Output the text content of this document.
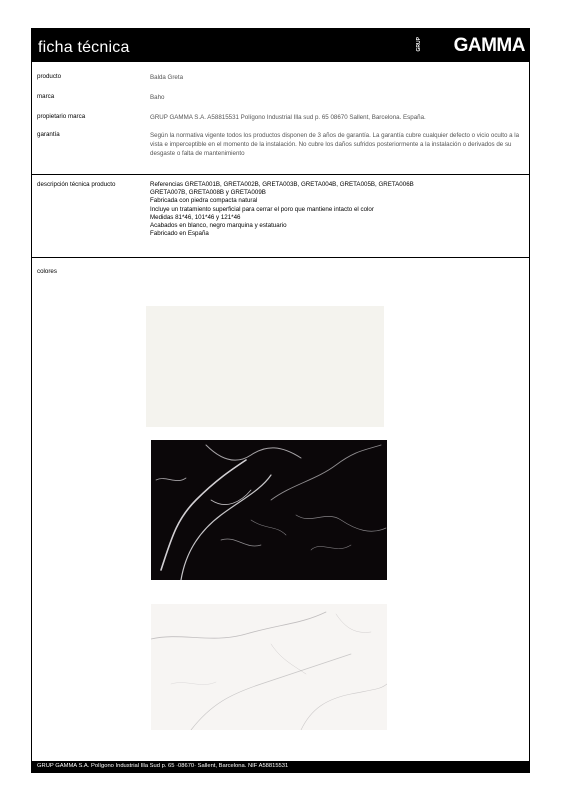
ficha técnica	GRUP GAMMA
producto	Balda Greta
marca	Baho
propietario marca	GRUP GAMMA S.A. A58815531 Polígono Industrial Illa sud p. 65 08670 Sallent, Barcelona. España.
garantía	Según la normativa vigente todos los productos disponen de 3 años de garantía. La garantía cubre cualquier defecto o vicio oculto a la vista e imperceptible en el momento de la instalación. No cubre los daños sufridos posteriormente a la instalación o derivados de su desgaste o falta de mantenimiento
descripción técnica producto	Referencias GRETA001B, GRETA002B, GRETA003B, GRETA004B, GRETA005B, GRETA006B
GRETA007B, GRETA008B y GRETA009B
Fabricada con piedra compacta natural
Incluye un tratamiento superficial para cerrar el poro que mantiene intacto el color
Medidas 81*46, 101*46 y 121*46
Acabados en blanco, negro marquina y estatuario
Fabricado en España
colores
GRUP GAMMA S.A. Polígono Industrial Illa Sud p. 65 ·08670· Sallent, Barcelona. NIF A58815531
